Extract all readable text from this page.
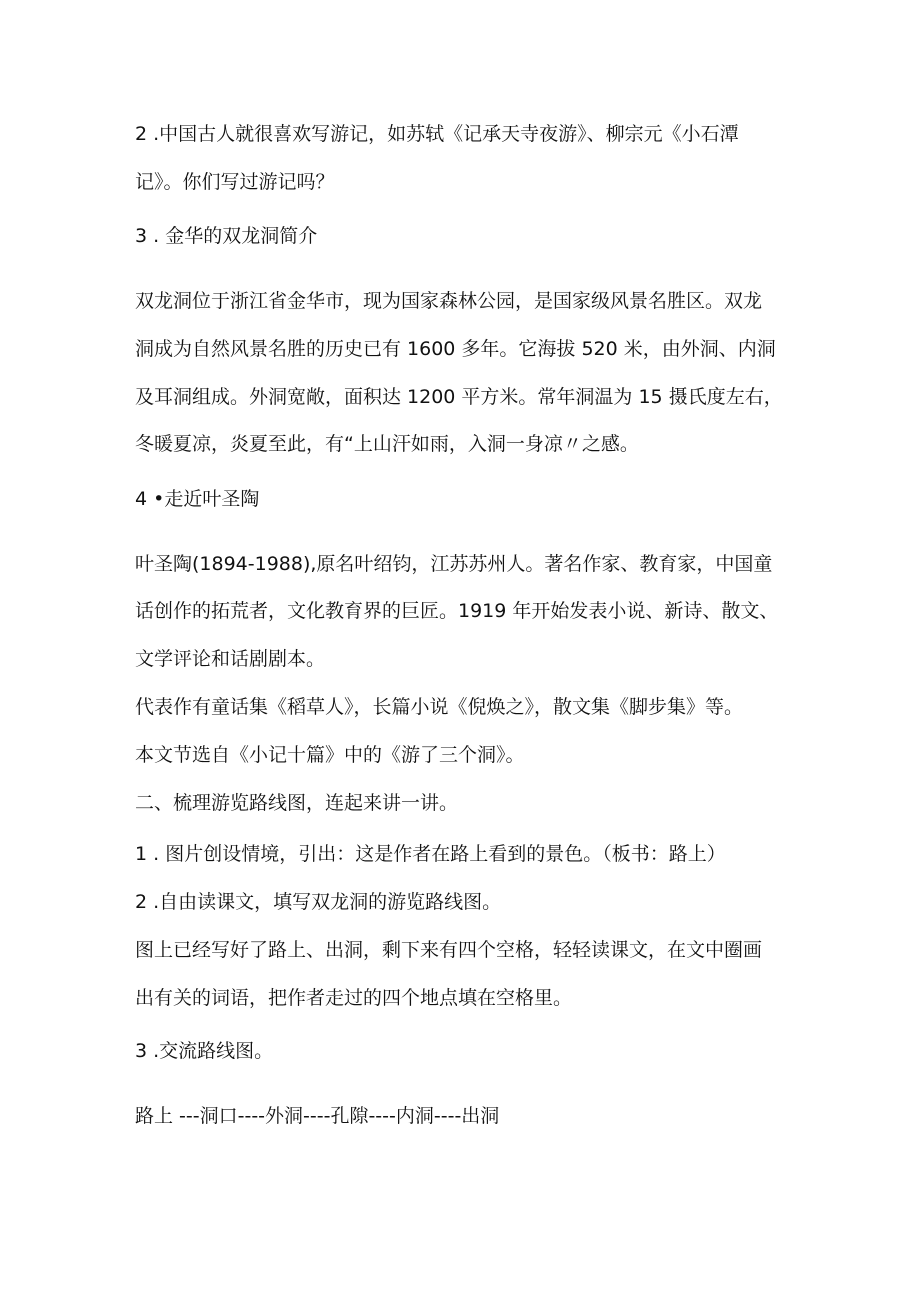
2 .中国古人就很喜欢写游记，如苏轼《记承天寺夜游》、柳宗元《小石潭
记》。你们写过游记吗？
3 . 金华的双龙洞简介
双龙洞位于浙江省金华市，现为国家森林公园，是国家级风景名胜区。双龙
洞成为自然风景名胜的历史已有 1600 多年。它海拔 520 米，由外洞、内洞
及耳洞组成。外洞宽敞，面积达 1200 平方米。常年洞温为 15 摄氏度左右，
冬暖夏凉，炎夏至此，有“上山汗如雨，入洞一身凉〃之感。
4 •走近叶圣陶
叶圣陶(1894-1988),原名叶绍钧，江苏苏州人。著名作家、教育家，中国童
话创作的拓荒者，文化教育界的巨匠。1919 年开始发表小说、新诗、散文、
文学评论和话剧剧本。
代表作有童话集《稻草人》，长篇小说《倪焕之》，散文集《脚步集》等。
本文节选自《小记十篇》中的《游了三个洞》。
二、梳理游览路线图，连起来讲一讲。
1 . 图片创设情境，引出：这是作者在路上看到的景色。（板书：路上）
2 .自由读课文，填写双龙洞的游览路线图。
图上已经写好了路上、出洞，剩下来有四个空格，轻轻读课文，在文中圈画
出有关的词语，把作者走过的四个地点填在空格里。
3 .交流路线图。
路上 ---洞口----外洞----孔隙----内洞----出洞
